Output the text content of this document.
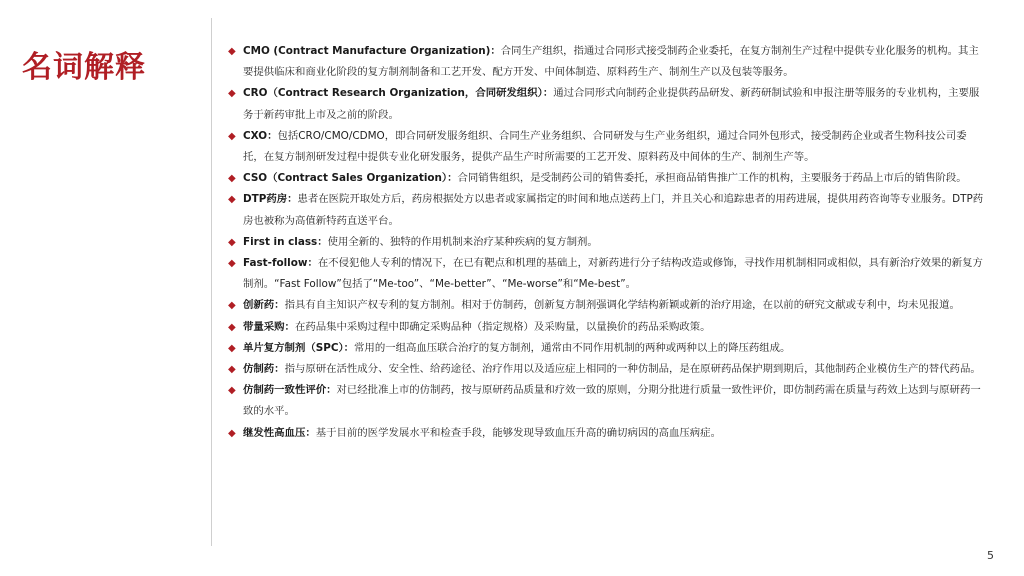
名词解释	◆ CMO (Contract Manufacture Organization)：合同生产组织，指通过合同形式接受制药企业委托，在复方制剂生产过程中提供专业化服务的机构。其主要提供临床和商业化阶段的复方制剂制备和工艺开发、配方开发、中间体制造、原料药生产、制剂生产以及包装等服务。
◆ CRO（Contract Research Organization，合同研发组织）：通过合同形式向制药企业提供药品研发、新药研制试验和申报注册等服务的专业机构，主要服务于新药审批上市及之前的阶段。
◆ CXO：包括CRO/CMO/CDMO，即合同研发服务组织、合同生产业务组织、合同研发与生产业务组织，通过合同外包形式，接受制药企业或者生物科技公司委托，在复方制剂研发过程中提供专业化研发服务，提供产品生产时所需要的工艺开发、原料药及中间体的生产、制剂生产等。
◆ CSO（Contract Sales Organization）：合同销售组织，是受制药公司的销售委托，承担商品销售推广工作的机构，主要服务于药品上市后的销售阶段。
◆ DTP药房：患者在医院开取处方后，药房根据处方以患者或家属指定的时间和地点送药上门，并且关心和追踪患者的用药进展，提供用药咨询等专业服务。DTP药房也被称为高值新特药直送平台。
◆ First in class：使用全新的、独特的作用机制来治疗某种疾病的复方制剂。
◆ Fast-follow：在不侵犯他人专利的情况下，在已有靶点和机理的基础上，对新药进行分子结构改造或修饰，寻找作用机制相同或相似，具有新治疗效果的新复方制剂。“Fast Follow”包括了“Me-too”、“Me-better”、“Me-worse”和“Me-best”。
◆ 创新药：指具有自主知识产权专利的复方制剂。相对于仿制药，创新复方制剂强调化学结构新颖或新的治疗用途，在以前的研究文献或专利中，均未见报道。
◆ 带量采购：在药品集中采购过程中即确定采购品种（指定规格）及采购量，以量换价的药品采购政策。
◆ 单片复方制剂（SPC）：常用的一组高血压联合治疗的复方制剂，通常由不同作用机制的两种或两种以上的降压药组成。
◆ 仿制药：指与原研在活性成分、安全性、给药途径、治疗作用以及适应症上相同的一种仿制品，是在原研药品保护期到期后，其他制药企业模仿生产的替代药品。
◆ 仿制药一致性评价：对已经批准上市的仿制药，按与原研药品质量和疗效一致的原则，分期分批进行质量一致性评价，即仿制药需在质量与药效上达到与原研药一致的水平。
◆ 继发性高血压：基于目前的医学发展水平和检查手段，能够发现导致血压升高的确切病因的高血压病症。
5
